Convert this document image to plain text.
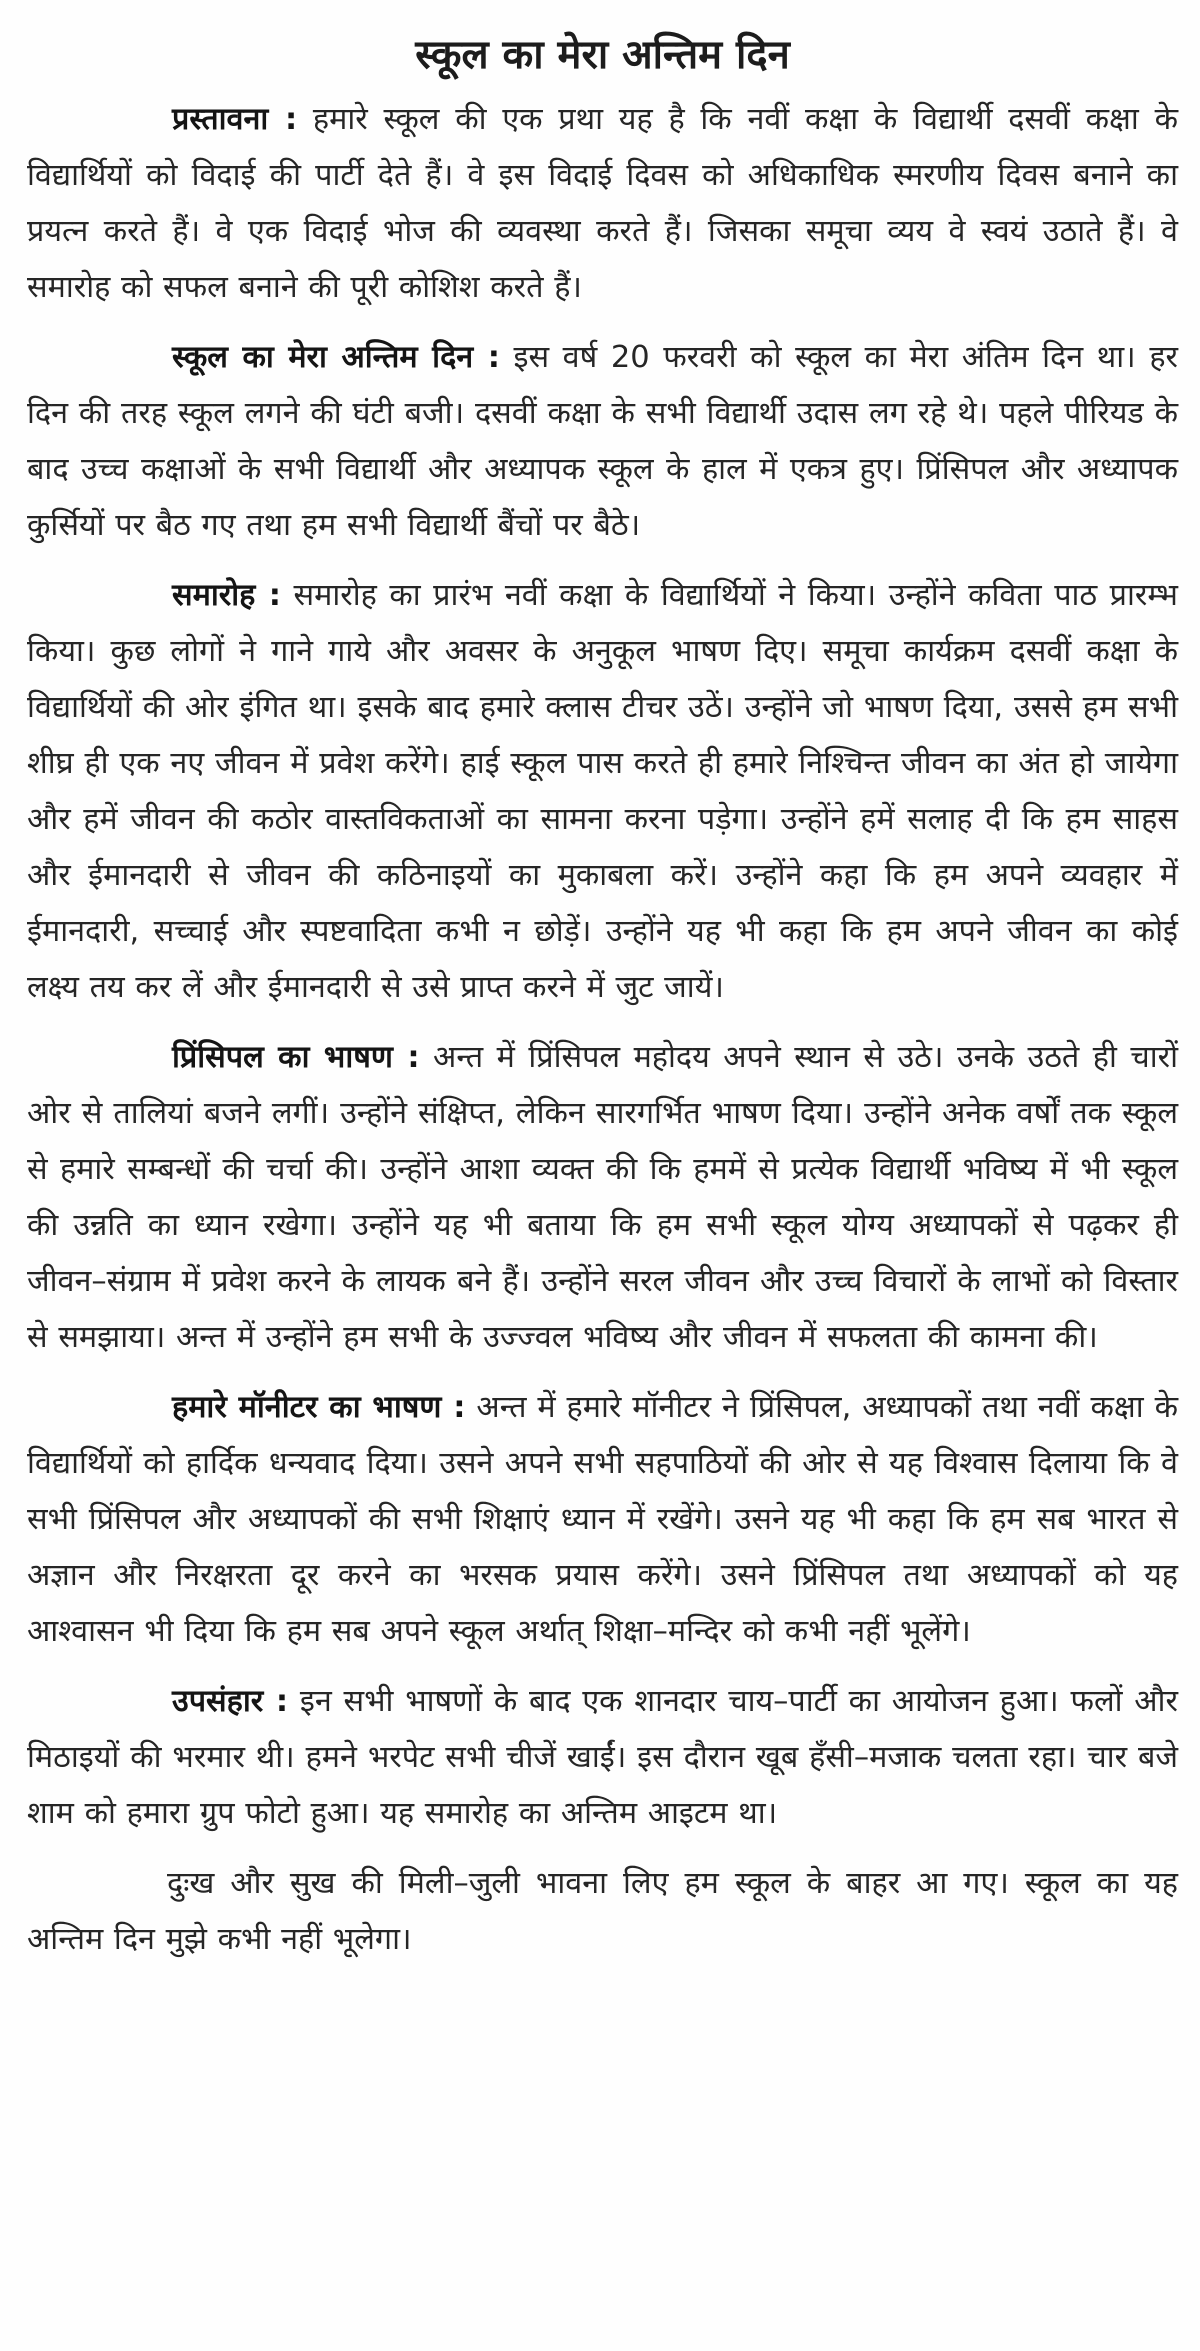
स्कूल का मेरा अन्तिम दिन

प्रस्तावना : हमारे स्कूल की एक प्रथा यह है कि नवीं कक्षा के विद्यार्थी दसवीं कक्षा के विद्यार्थियों को विदाई की पार्टी देते हैं। वे इस विदाई दिवस को अधिकाधिक स्मरणीय दिवस बनाने का प्रयत्न करते हैं। वे एक विदाई भोज की व्यवस्था करते हैं। जिसका समूचा व्यय वे स्वयं उठाते हैं। वे समारोह को सफल बनाने की पूरी कोशिश करते हैं।

स्कूल का मेरा अन्तिम दिन : इस वर्ष 20 फरवरी को स्कूल का मेरा अंतिम दिन था। हर दिन की तरह स्कूल लगने की घंटी बजी। दसवीं कक्षा के सभी विद्यार्थी उदास लग रहे थे। पहले पीरियड के बाद उच्च कक्षाओं के सभी विद्यार्थी और अध्यापक स्कूल के हाल में एकत्र हुए। प्रिंसिपल और अध्यापक कुर्सियों पर बैठ गए तथा हम सभी विद्यार्थी बैंचों पर बैठे।

समारोह : समारोह का प्रारंभ नवीं कक्षा के विद्यार्थियों ने किया। उन्होंने कविता पाठ प्रारम्भ किया। कुछ लोगों ने गाने गाये और अवसर के अनुकूल भाषण दिए। समूचा कार्यक्रम दसवीं कक्षा के विद्यार्थियों की ओर इंगित था। इसके बाद हमारे क्लास टीचर उठें। उन्होंने जो भाषण दिया, उससे हम सभी शीघ्र ही एक नए जीवन में प्रवेश करेंगे। हाई स्कूल पास करते ही हमारे निश्चिन्त जीवन का अंत हो जायेगा और हमें जीवन की कठोर वास्तविकताओं का सामना करना पड़ेगा। उन्होंने हमें सलाह दी कि हम साहस और ईमानदारी से जीवन की कठिनाइयों का मुकाबला करें। उन्होंने कहा कि हम अपने व्यवहार में ईमानदारी, सच्चाई और स्पष्टवादिता कभी न छोड़ें। उन्होंने यह भी कहा कि हम अपने जीवन का कोई लक्ष्य तय कर लें और ईमानदारी से उसे प्राप्त करने में जुट जायें।

प्रिंसिपल का भाषण : अन्त में प्रिंसिपल महोदय अपने स्थान से उठे। उनके उठते ही चारों ओर से तालियां बजने लगीं। उन्होंने संक्षिप्त, लेकिन सारगर्भित भाषण दिया। उन्होंने अनेक वर्षों तक स्कूल से हमारे सम्बन्धों की चर्चा की। उन्होंने आशा व्यक्त की कि हममें से प्रत्येक विद्यार्थी भविष्य में भी स्कूल की उन्नति का ध्यान रखेगा। उन्होंने यह भी बताया कि हम सभी स्कूल योग्य अध्यापकों से पढ़कर ही जीवन–संग्राम में प्रवेश करने के लायक बने हैं। उन्होंने सरल जीवन और उच्च विचारों के लाभों को विस्तार से समझाया। अन्त में उन्होंने हम सभी के उज्ज्वल भविष्य और जीवन में सफलता की कामना की।

हमारे मॉनीटर का भाषण : अन्त में हमारे मॉनीटर ने प्रिंसिपल, अध्यापकों तथा नवीं कक्षा के विद्यार्थियों को हार्दिक धन्यवाद दिया। उसने अपने सभी सहपाठियों की ओर से यह विश्वास दिलाया कि वे सभी प्रिंसिपल और अध्यापकों की सभी शिक्षाएं ध्यान में रखेंगे। उसने यह भी कहा कि हम सब भारत से अज्ञान और निरक्षरता दूर करने का भरसक प्रयास करेंगे। उसने प्रिंसिपल तथा अध्यापकों को यह आश्वासन भी दिया कि हम सब अपने स्कूल अर्थात् शिक्षा–मन्दिर को कभी नहीं भूलेंगे।

उपसंहार : इन सभी भाषणों के बाद एक शानदार चाय–पार्टी का आयोजन हुआ। फलों और मिठाइयों की भरमार थी। हमने भरपेट सभी चीजें खाईं। इस दौरान खूब हँसी–मजाक चलता रहा। चार बजे शाम को हमारा ग्रुप फोटो हुआ। यह समारोह का अन्तिम आइटम था।

दुःख और सुख की मिली–जुली भावना लिए हम स्कूल के बाहर आ गए। स्कूल का यह अन्तिम दिन मुझे कभी नहीं भूलेगा।
